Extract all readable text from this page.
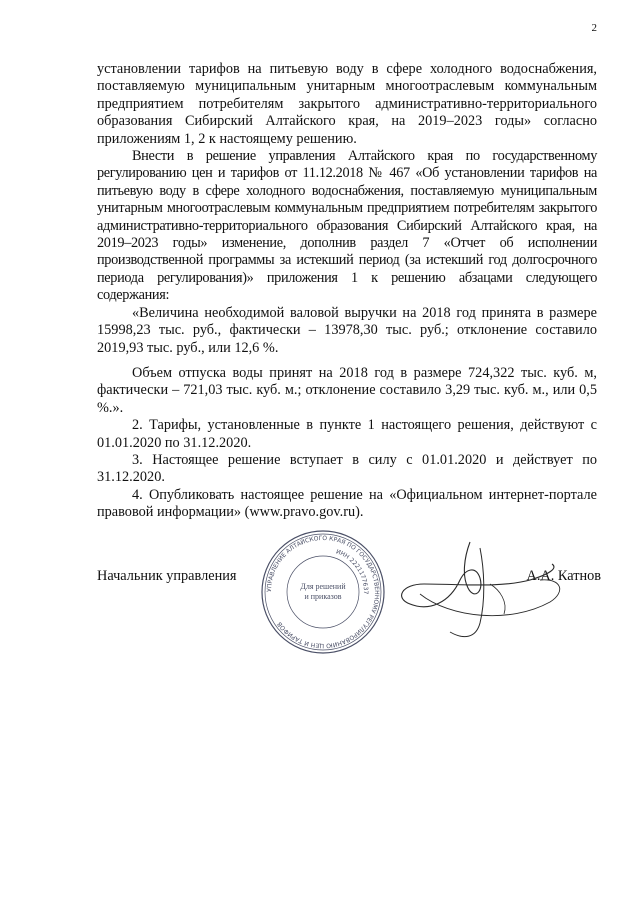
2

установлении тарифов на питьевую воду в сфере холодного водоснабжения, поставляемую муниципальным унитарным многоотраслевым коммунальным предприятием потребителям закрытого административно-территориального образования Сибирский Алтайского края, на 2019–2023 годы» согласно приложениям 1, 2 к настоящему решению.

Внести в решение управления Алтайского края по государственному регулированию цен и тарифов от 11.12.2018 № 467 «Об установлении тарифов на питьевую воду в сфере холодного водоснабжения, поставляемую муниципальным унитарным многоотраслевым коммунальным предприятием потребителям закрытого административно-территориального образования Сибирский Алтайского края, на 2019–2023 годы» изменение, дополнив раздел 7 «Отчет об исполнении производственной программы за истекший период (за истекший год долгосрочного периода регулирования)» приложения 1 к решению абзацами следующего содержания:

«Величина необходимой валовой выручки на 2018 год принята в размере 15998,23 тыс. руб., фактически – 13978,30 тыс. руб.; отклонение составило 2019,93 тыс. руб., или 12,6 %.

Объем отпуска воды принят на 2018 год в размере 724,322 тыс. куб. м, фактически – 721,03 тыс. куб. м.; отклонение составило 3,29 тыс. куб. м., или 0,5 %.».

2. Тарифы, установленные в пункте 1 настоящего решения, действуют с 01.01.2020 по 31.12.2020.

3. Настоящее решение вступает в силу с 01.01.2020 и действует по 31.12.2020.

4. Опубликовать настоящее решение на «Официальном интернет-портале правовой информации» (www.pravo.gov.ru).

УПРАВЛЕНИЕ АЛТАЙСКОГО КРАЯ ПО ГОСУДАРСТВЕННОМУ РЕГУЛИРОВАНИЮ ЦЕН И ТАРИФОВ
ИНН 2221177637
Для решений
и приказов
Начальник управления	А.А. Катнов
